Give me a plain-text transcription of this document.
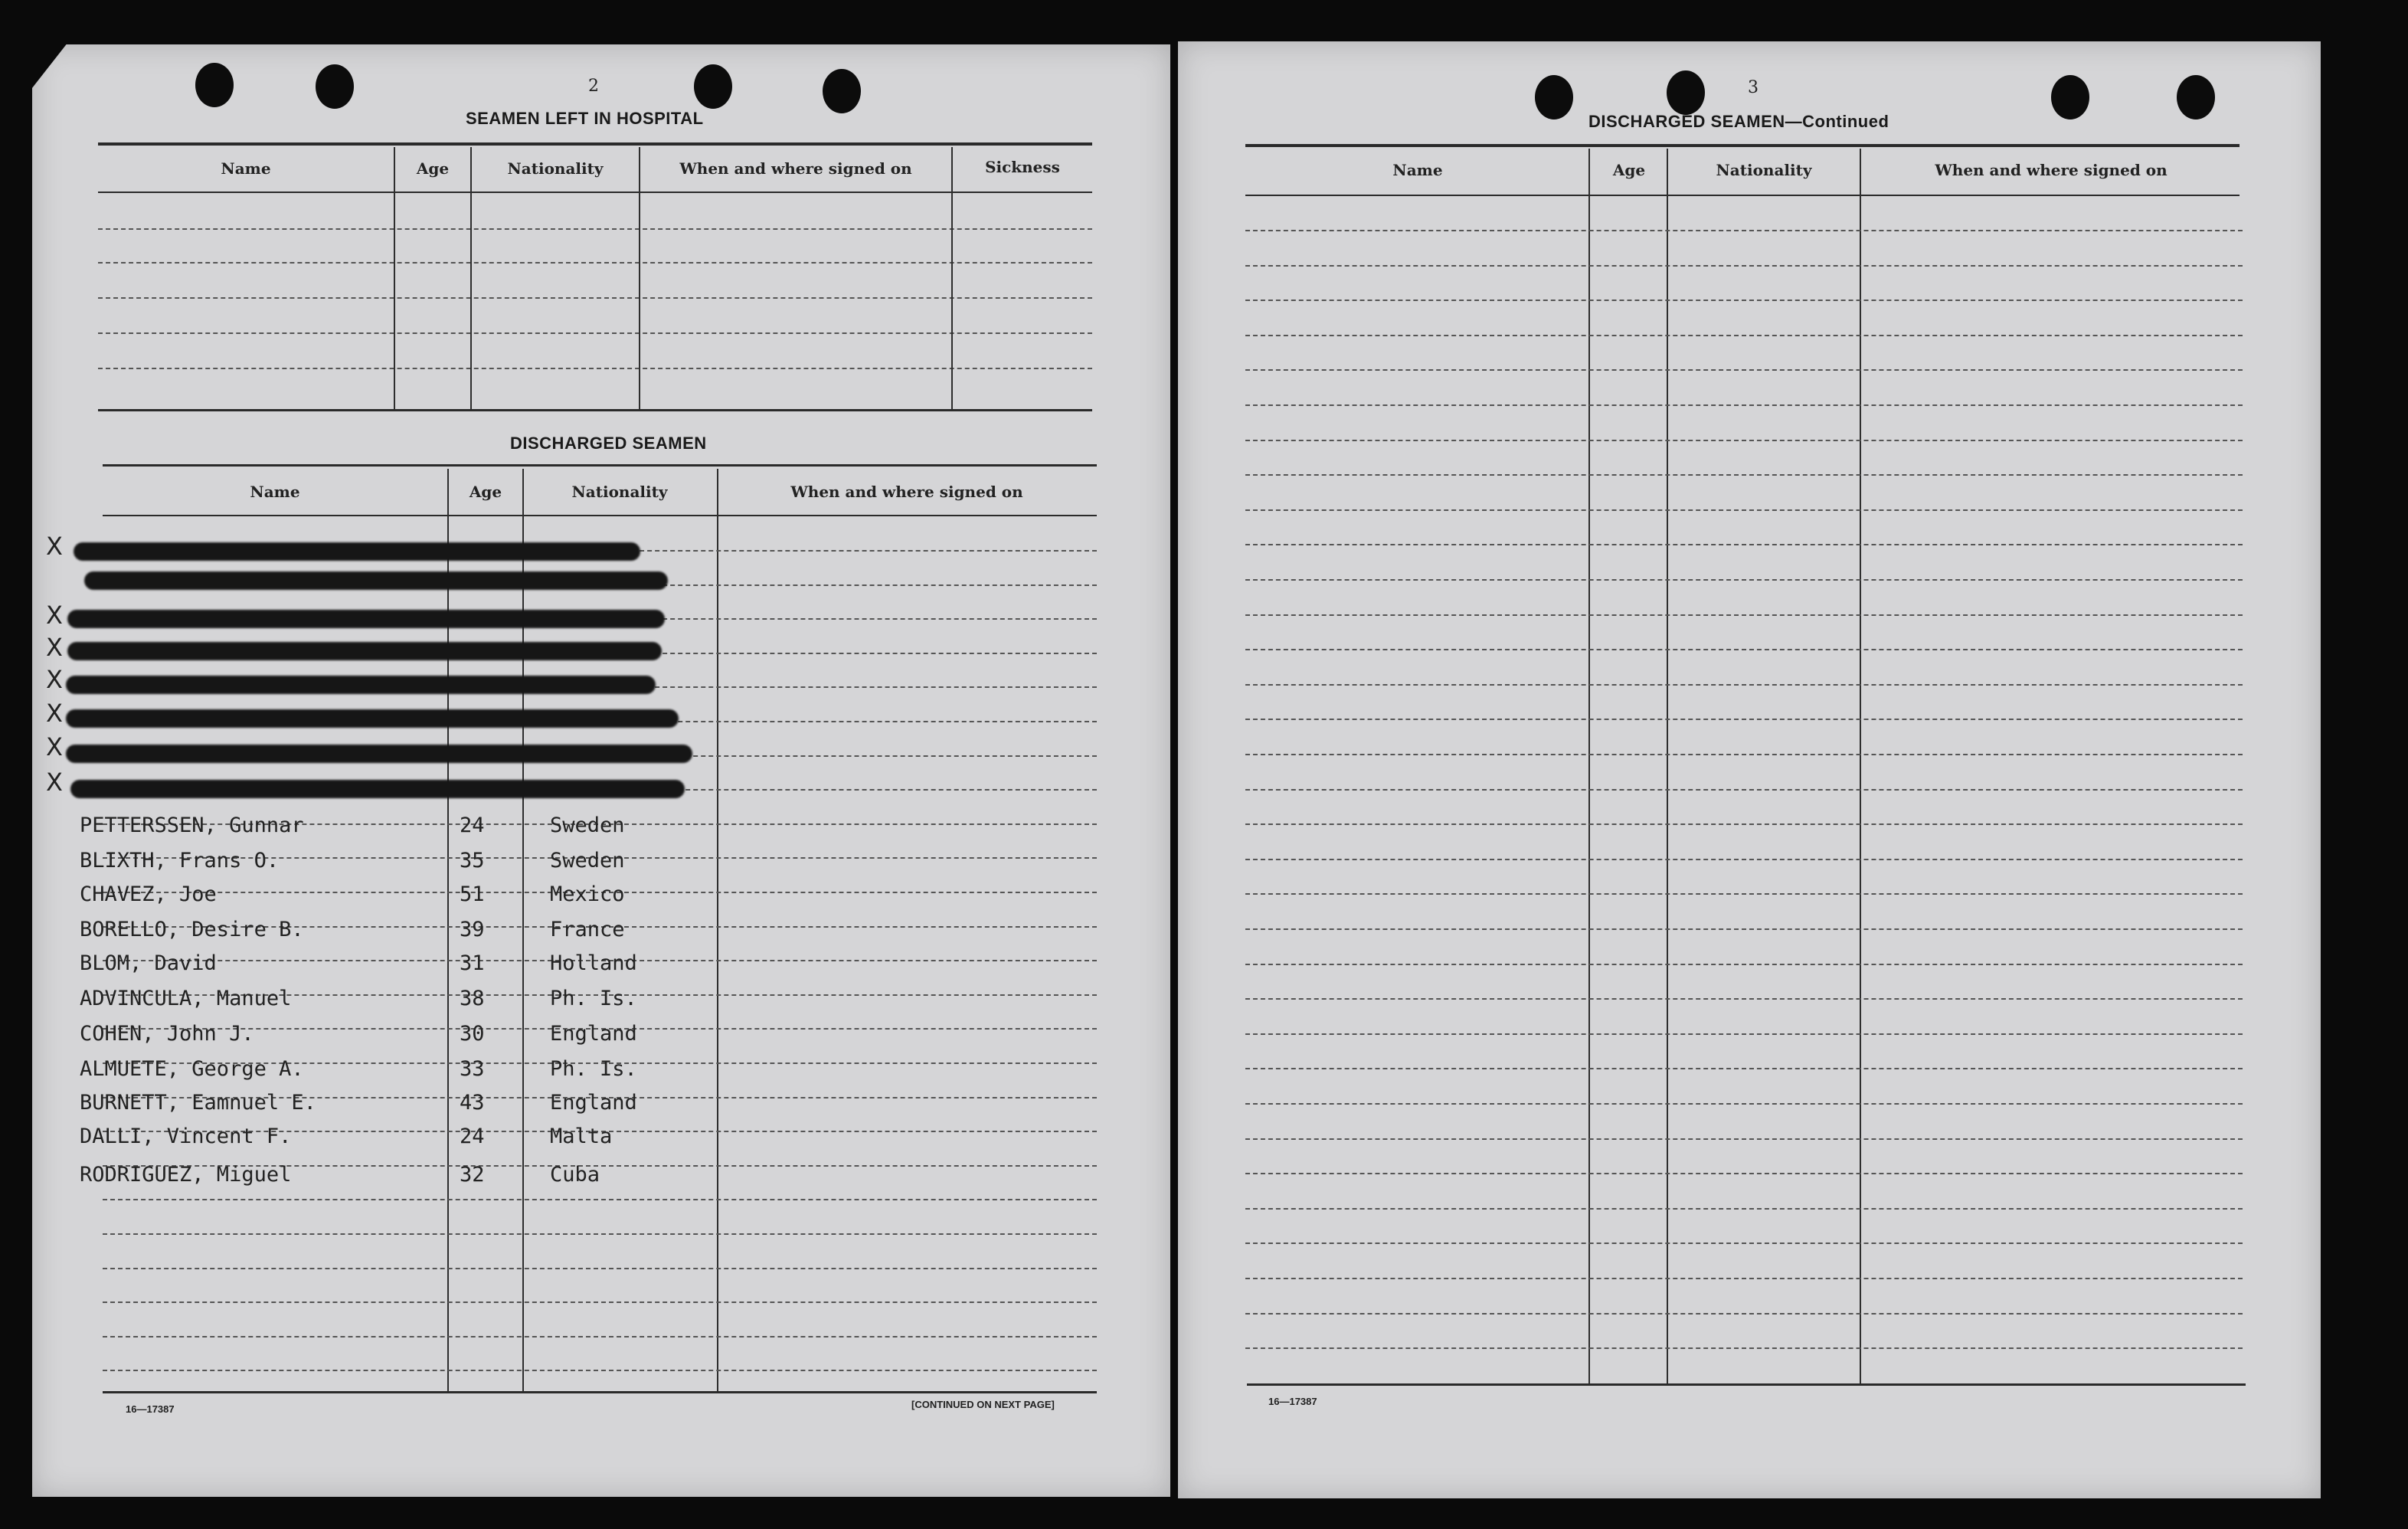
2
SEAMEN LEFT IN HOSPITAL
Name	Age	Nationality	When and where signed on	Sickness
DISCHARGED SEAMEN
Name	Age	Nationality	When and where signed on
X
X
X
X
X
X
X
PETTERSSEN, Gunnar	24	Sweden
BLIXTH, Frans O.	35	Sweden
CHAVEZ, Joe	51	Mexico
BORELLO, Desire B.	39	France
BLOM, David	31	Holland
ADVINCULA, Manuel	38	Ph. Is.
COHEN, John J.	30	England
ALMUETE, George A.	33	Ph. Is.
BURNETT, Eamnuel E.	43	England
DALLI, Vincent F.	24	Malta
RODRIGUEZ, Miguel	32	Cuba
16—17387	[CONTINUED ON NEXT PAGE]
3
DISCHARGED SEAMEN—Continued
Name	Age	Nationality	When and where signed on
16—17387
